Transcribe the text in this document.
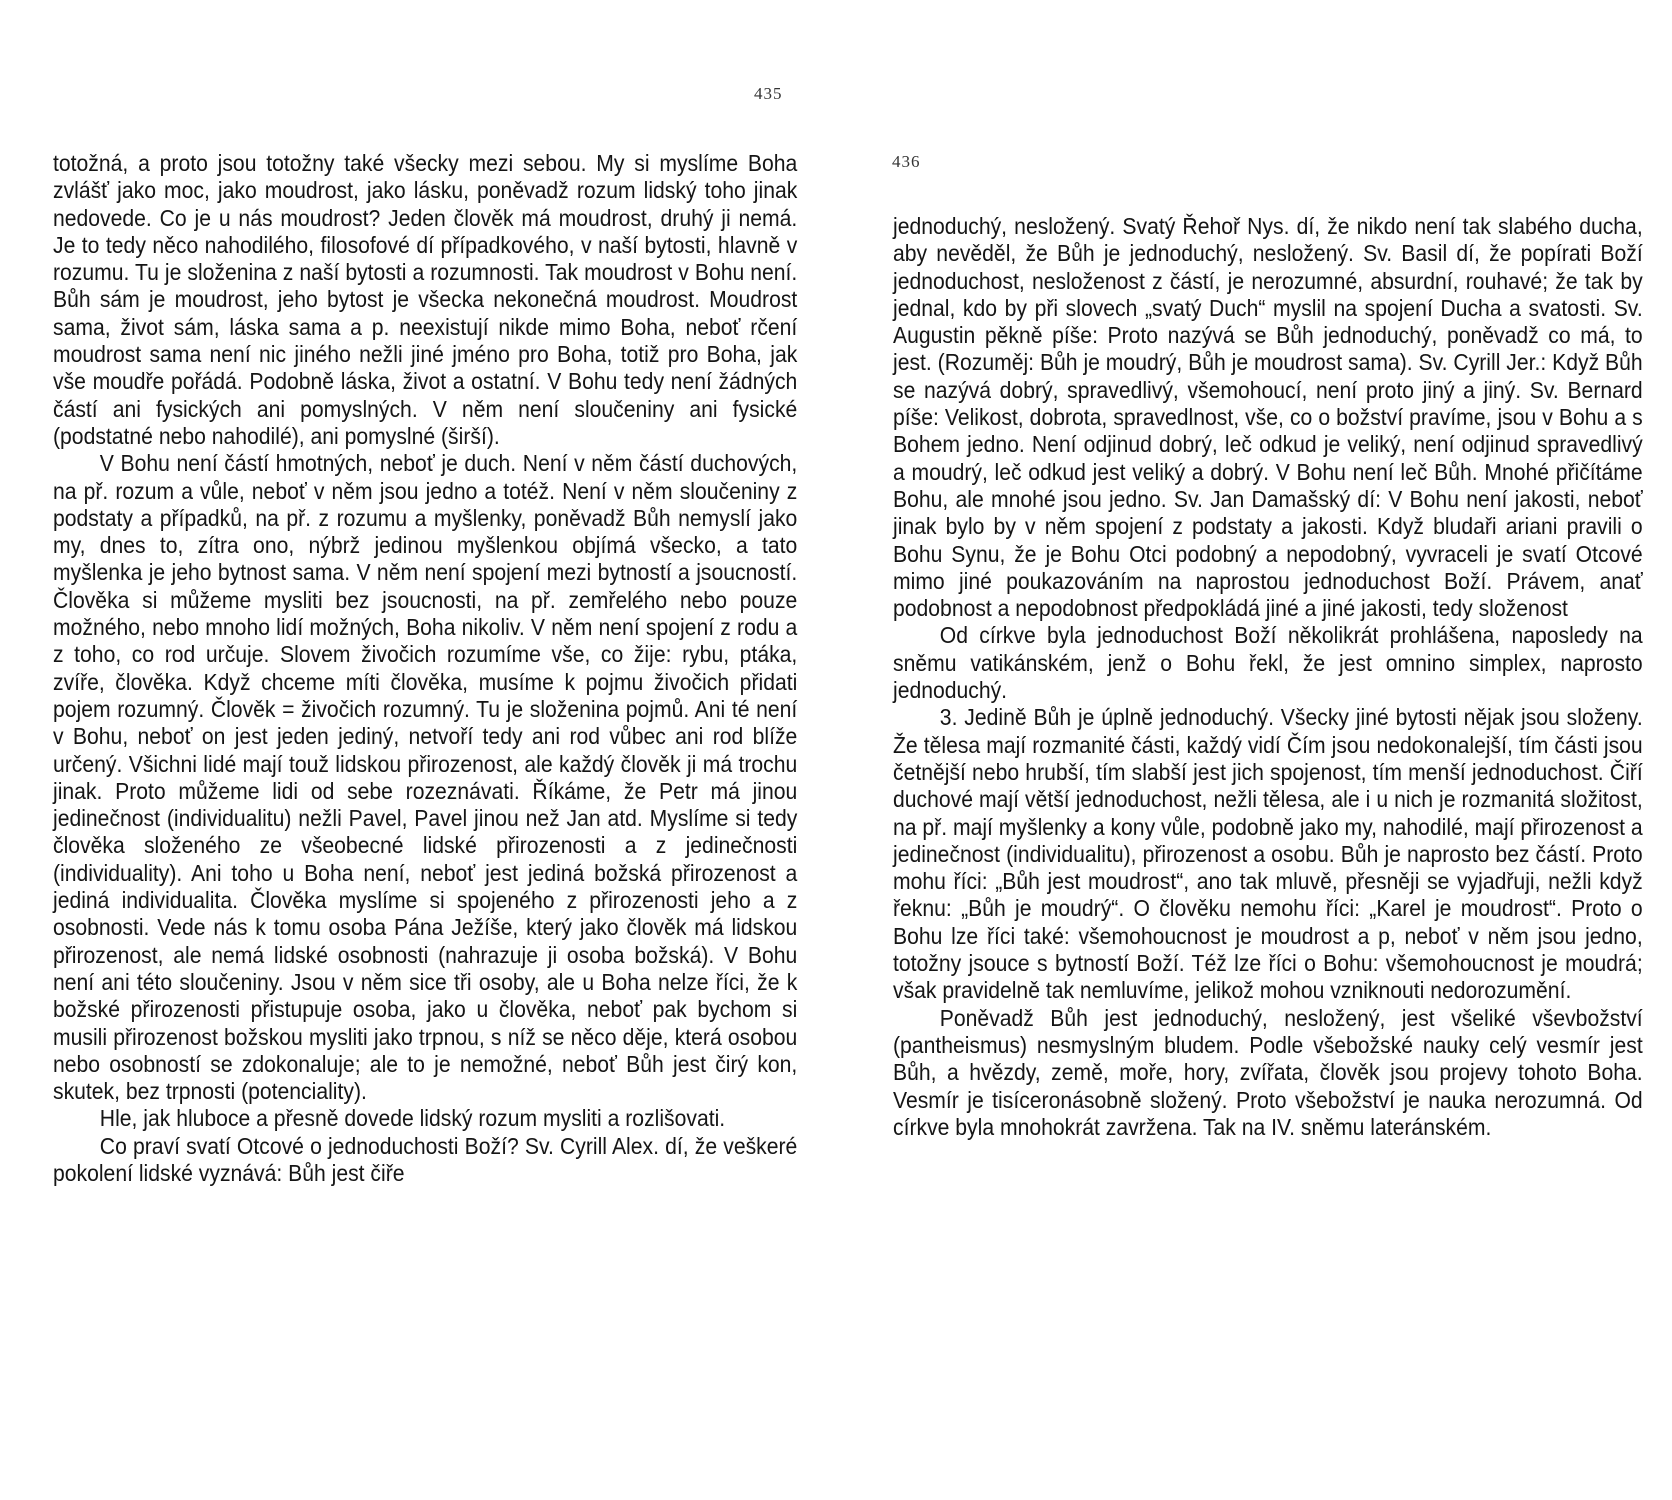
435
436

totožná, a proto jsou totožny také všecky mezi sebou. My si myslíme Boha zvlášť jako moc, jako moudrost, jako lásku, poněvadž rozum lidský toho jinak nedovede. Co je u nás moudrost? Jeden člověk má moudrost, druhý ji nemá. Je to tedy něco nahodilého, filosofové dí případkového, v naší bytosti, hlavně v rozumu. Tu je složenina z naší bytosti a rozumnosti. Tak moudrost v Bohu není. Bůh sám je moudrost, jeho bytost je všecka nekonečná moudrost. Moudrost sama, život sám, láska sama a p. neexistují nikde mimo Boha, neboť rčení moudrost sama není nic jiného nežli jiné jméno pro Boha, totiž pro Boha, jak vše moudře pořádá. Podobně láska, život a ostatní. V Bohu tedy není žádných částí ani fysických ani pomyslných. V něm není sloučeniny ani fysické (podstatné nebo nahodilé), ani pomyslné (širší).

V Bohu není částí hmotných, neboť je duch. Není v něm částí duchových, na př. rozum a vůle, neboť v něm jsou jedno a totéž. Není v něm sloučeniny z podstaty a případků, na př. z rozumu a myšlenky, poněvadž Bůh nemyslí jako my, dnes to, zítra ono, nýbrž jedinou myšlenkou objímá všecko, a tato myšlenka je jeho bytnost sama. V něm není spojení mezi bytností a jsoucností. Člověka si můžeme mysliti bez jsoucnosti, na př. zemřelého nebo pouze možného, nebo mnoho lidí možných, Boha nikoliv. V něm není spojení z rodu a z toho, co rod určuje. Slovem živočich rozumíme vše, co žije: rybu, ptáka, zvíře, člověka. Když chceme míti člověka, musíme k pojmu živočich přidati pojem rozumný. Člověk = živočich rozumný. Tu je složenina pojmů. Ani té není v Bohu, neboť on jest jeden jediný, netvoří tedy ani rod vůbec ani rod blíže určený. Všichni lidé mají touž lidskou přirozenost, ale každý člověk ji má trochu jinak. Proto můžeme lidi od sebe rozeznávati. Říkáme, že Petr má jinou jedinečnost (individualitu) nežli Pavel, Pavel jinou než Jan atd. Myslíme si tedy člověka složeného ze všeobecné lidské přirozenosti a z jedinečnosti (individuality). Ani toho u Boha není, neboť jest jediná božská přirozenost a jediná individualita. Člověka myslíme si spojeného z přirozenosti jeho a z osobnosti. Vede nás k tomu osoba Pána Ježíše, který jako člověk má lidskou přirozenost, ale nemá lidské osobnosti (nahrazuje ji osoba božská). V Bohu není ani této sloučeniny. Jsou v něm sice tři osoby, ale u Boha nelze říci, že k božské přirozenosti přistupuje osoba, jako u člověka, neboť pak bychom si musili přirozenost božskou mysliti jako trpnou, s níž se něco děje, která osobou nebo osobností se zdokonaluje; ale to je nemožné, neboť Bůh jest čirý kon, skutek, bez trpnosti (potenciality).

Hle, jak hluboce a přesně dovede lidský rozum mysliti a rozlišovati.

Co praví svatí Otcové o jednoduchosti Boží? Sv. Cyrill Alex. dí, že veškeré pokolení lidské vyznává: Bůh jest čiře

jednoduchý, nesložený. Svatý Řehoř Nys. dí, že nikdo není tak slabého ducha, aby nevěděl, že Bůh je jednoduchý, nesložený. Sv. Basil dí, že popírati Boží jednoduchost, nesloženost z částí, je nerozumné, absurdní, rouhavé; že tak by jednal, kdo by při slovech „svatý Duch“ myslil na spojení Ducha a svatosti. Sv. Augustin pěkně píše: Proto nazývá se Bůh jednoduchý, poněvadž co má, to jest. (Rozuměj: Bůh je moudrý, Bůh je moudrost sama). Sv. Cyrill Jer.: Když Bůh se nazývá dobrý, spravedlivý, všemohoucí, není proto jiný a jiný. Sv. Bernard píše: Velikost, dobrota, spravedlnost, vše, co o božství pravíme, jsou v Bohu a s Bohem jedno. Není odjinud dobrý, leč odkud je veliký, není odjinud spravedlivý a moudrý, leč odkud jest veliký a dobrý. V Bohu není leč Bůh. Mnohé přičítáme Bohu, ale mnohé jsou jedno. Sv. Jan Damašský dí: V Bohu není jakosti, neboť jinak bylo by v něm spojení z podstaty a jakosti. Když bludaři ariani pravili o Bohu Synu, že je Bohu Otci podobný a nepodobný, vyvraceli je svatí Otcové mimo jiné poukazováním na naprostou jednoduchost Boží. Právem, anať podobnost a nepodobnost předpokládá jiné a jiné jakosti, tedy složenost

Od církve byla jednoduchost Boží několikrát prohlášena, naposledy na sněmu vatikánském, jenž o Bohu řekl, že jest omnino simplex, naprosto jednoduchý.

3. Jedině Bůh je úplně jednoduchý. Všecky jiné bytosti nějak jsou složeny. Že tělesa mají rozmanité části, každý vidí Čím jsou nedokonalejší, tím části jsou četnější nebo hrubší, tím slabší jest jich spojenost, tím menší jednoduchost. Čiří duchové mají větší jednoduchost, nežli tělesa, ale i u nich je rozmanitá složitost, na př. mají myšlenky a kony vůle, podobně jako my, nahodilé, mají přirozenost a jedinečnost (individualitu), přirozenost a osobu. Bůh je naprosto bez částí. Proto mohu říci: „Bůh jest moudrost“, ano tak mluvě, přesněji se vyjadřuji, nežli když řeknu: „Bůh je moudrý“. O člověku nemohu říci: „Karel je moudrost“. Proto o Bohu lze říci také: všemohoucnost je moudrost a p, neboť v něm jsou jedno, totožny jsouce s bytností Boží. Též lze říci o Bohu: všemohoucnost je moudrá; však pravidelně tak nemluvíme, jelikož mohou vzniknouti nedorozumění.

Poněvadž Bůh jest jednoduchý, nesložený, jest všeliké vševbožství (pantheismus) nesmyslným bludem. Podle všebožské nauky celý vesmír jest Bůh, a hvězdy, země, moře, hory, zvířata, člověk jsou projevy tohoto Boha. Vesmír je tisíceronásobně složený. Proto všebožství je nauka nerozumná. Od církve byla mnohokrát zavržena. Tak na IV. sněmu lateránském.
